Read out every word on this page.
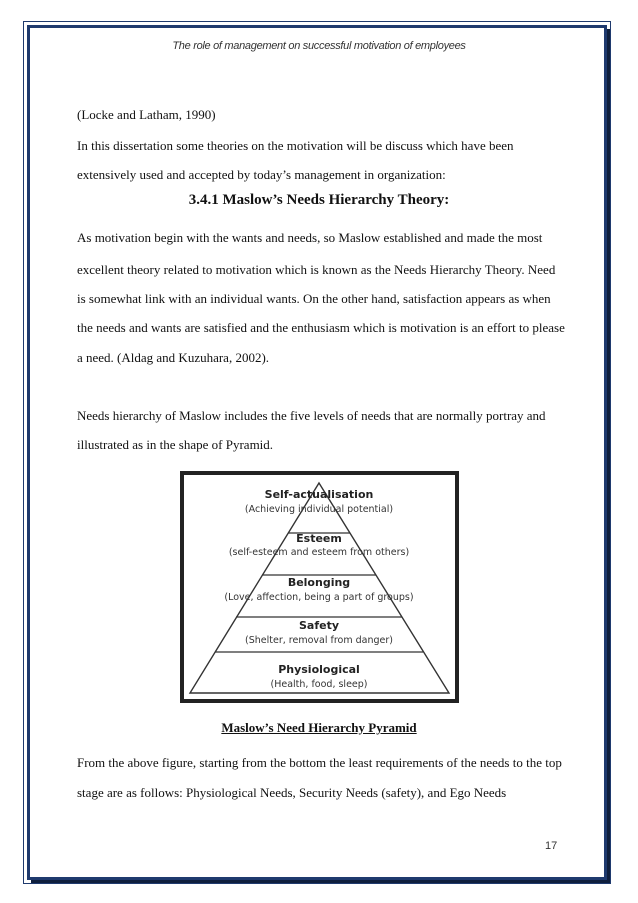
The role of management on successful motivation of employees
(Locke and Latham, 1990)
In this dissertation some theories on the motivation will be discuss which have been
extensively used and accepted by today’s management in organization:
3.4.1 Maslow’s Needs Hierarchy Theory:
As motivation begin with the wants and needs, so Maslow established and made the most
excellent theory related to motivation which is known as the Needs Hierarchy Theory. Need
is somewhat link with an individual wants. On the other hand, satisfaction appears as when
the needs and wants are satisfied and the enthusiasm which is motivation is an effort to please
a need. (Aldag and Kuzuhara, 2002).
Needs hierarchy of Maslow includes the five levels of needs that are normally portray and
illustrated as in the shape of Pyramid.
Self-actualisation
(Achieving individual potential)
Esteem
(self-esteem and esteem from others)
Belonging
(Love, affection, being a part of groups)
Safety
(Shelter, removal from danger)
Physiological
(Health, food, sleep)
Maslow’s Need Hierarchy Pyramid
From the above figure, starting from the bottom the least requirements of the needs to the top
stage are as follows: Physiological Needs, Security Needs (safety), and Ego Needs
17
